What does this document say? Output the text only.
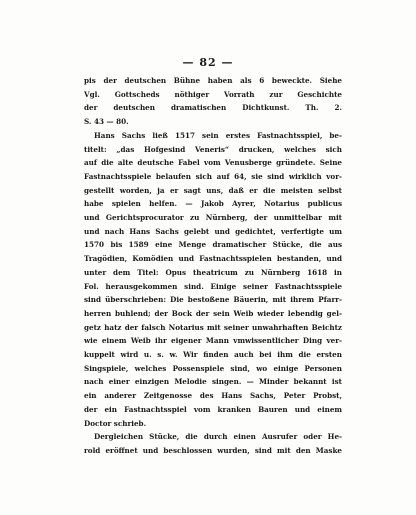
— 82 —
pis der deutschen Bühne haben als 6 beweckte. Siehe
Vgl. Gottscheds nöthiger Vorrath zur Geschichte
der deutschen dramatischen Dichtkunst. Th. 2.
S. 43 — 80.
Hans Sachs ließ 1517 sein erstes Fastnachtsspiel, be-
titelt: „das Hofgesind Veneris“ drucken, welches sich
auf die alte deutsche Fabel vom Venusberge gründete. Seine
Fastnachtsspiele belaufen sich auf 64, sie sind wirklich vor-
gestellt worden, ja er sagt uns, daß er die meisten selbst
habe spielen helfen. — Jakob Ayrer, Notarius publicus
und Gerichtsprocurator zu Nürnberg, der unmittelbar mit
und nach Hans Sachs gelebt und gedichtet, verfertigte um
1570 bis 1589 eine Menge dramatischer Stücke, die aus
Tragödien, Komödien und Fastnachtsspielen bestanden, und
unter dem Titel: Opus theatricum zu Nürnberg 1618 in
Fol. herausgekommen sind. Einige seiner Fastnachtsspiele
sind überschrieben: Die bestoßene Bäuerin, mit ihrem Pfarr-
herren buhlend; der Bock der sein Weib wieder lebendig gel-
getz hatz der falsch Notarius mit seiner unwahrhaften Beichtz
wie einem Weib ihr eigener Mann vmwissentlicher Ding ver-
kuppelt wird u. s. w. Wir finden auch bei ihm die ersten
Singspiele, welches Possenspiele sind, wo einige Personen
nach einer einzigen Melodie singen. — Minder bekannt ist
ein anderer Zeitgenosse des Hans Sachs, Peter Probst,
der ein Fastnachtsspiel vom kranken Bauren und einem
Doctor schrieb.
Dergleichen Stücke, die durch einen Ausrufer oder He-
rold eröffnet und beschlossen wurden, sind mit den Maske
